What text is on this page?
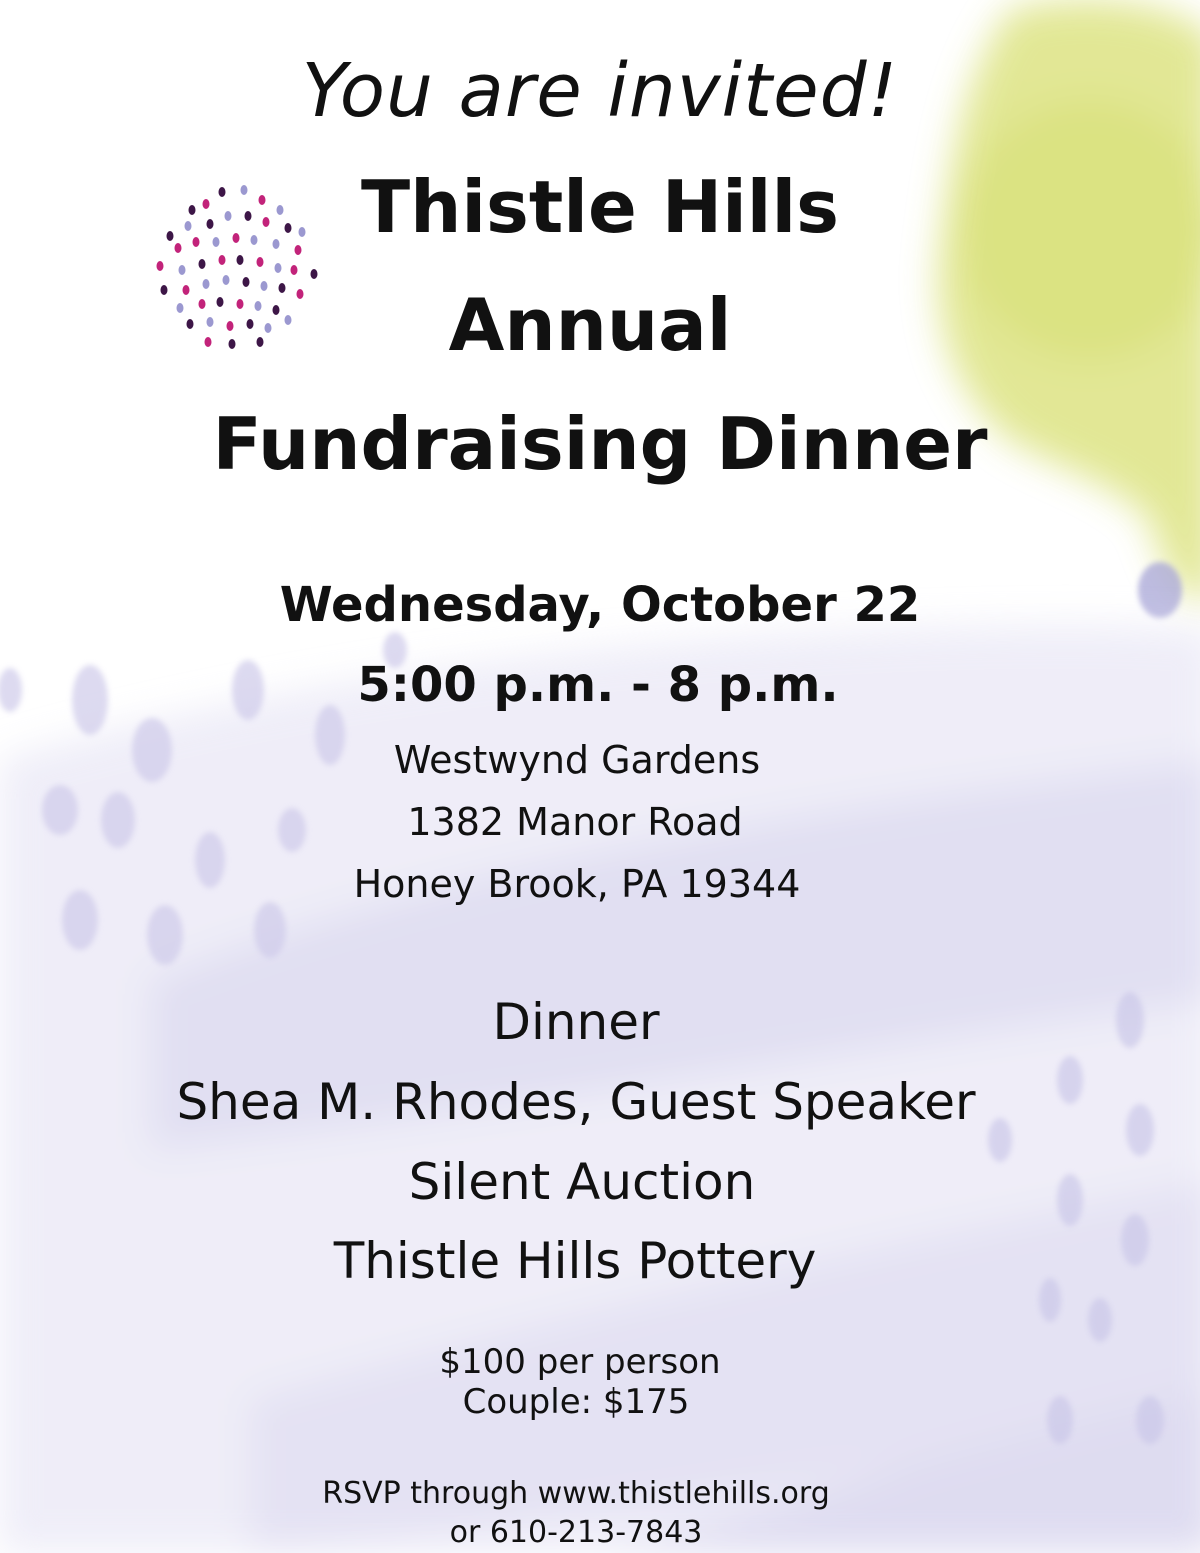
You are invited!
Thistle Hills
Annual
Fundraising Dinner
Wednesday, October 22
5:00 p.m. - 8 p.m.
Westwynd Gardens
1382 Manor Road
Honey Brook, PA 19344
Dinner
Shea M. Rhodes, Guest Speaker
Silent Auction
Thistle Hills Pottery
$100 per person
Couple: $175
RSVP through www.thistlehills.org
or 610-213-7843
